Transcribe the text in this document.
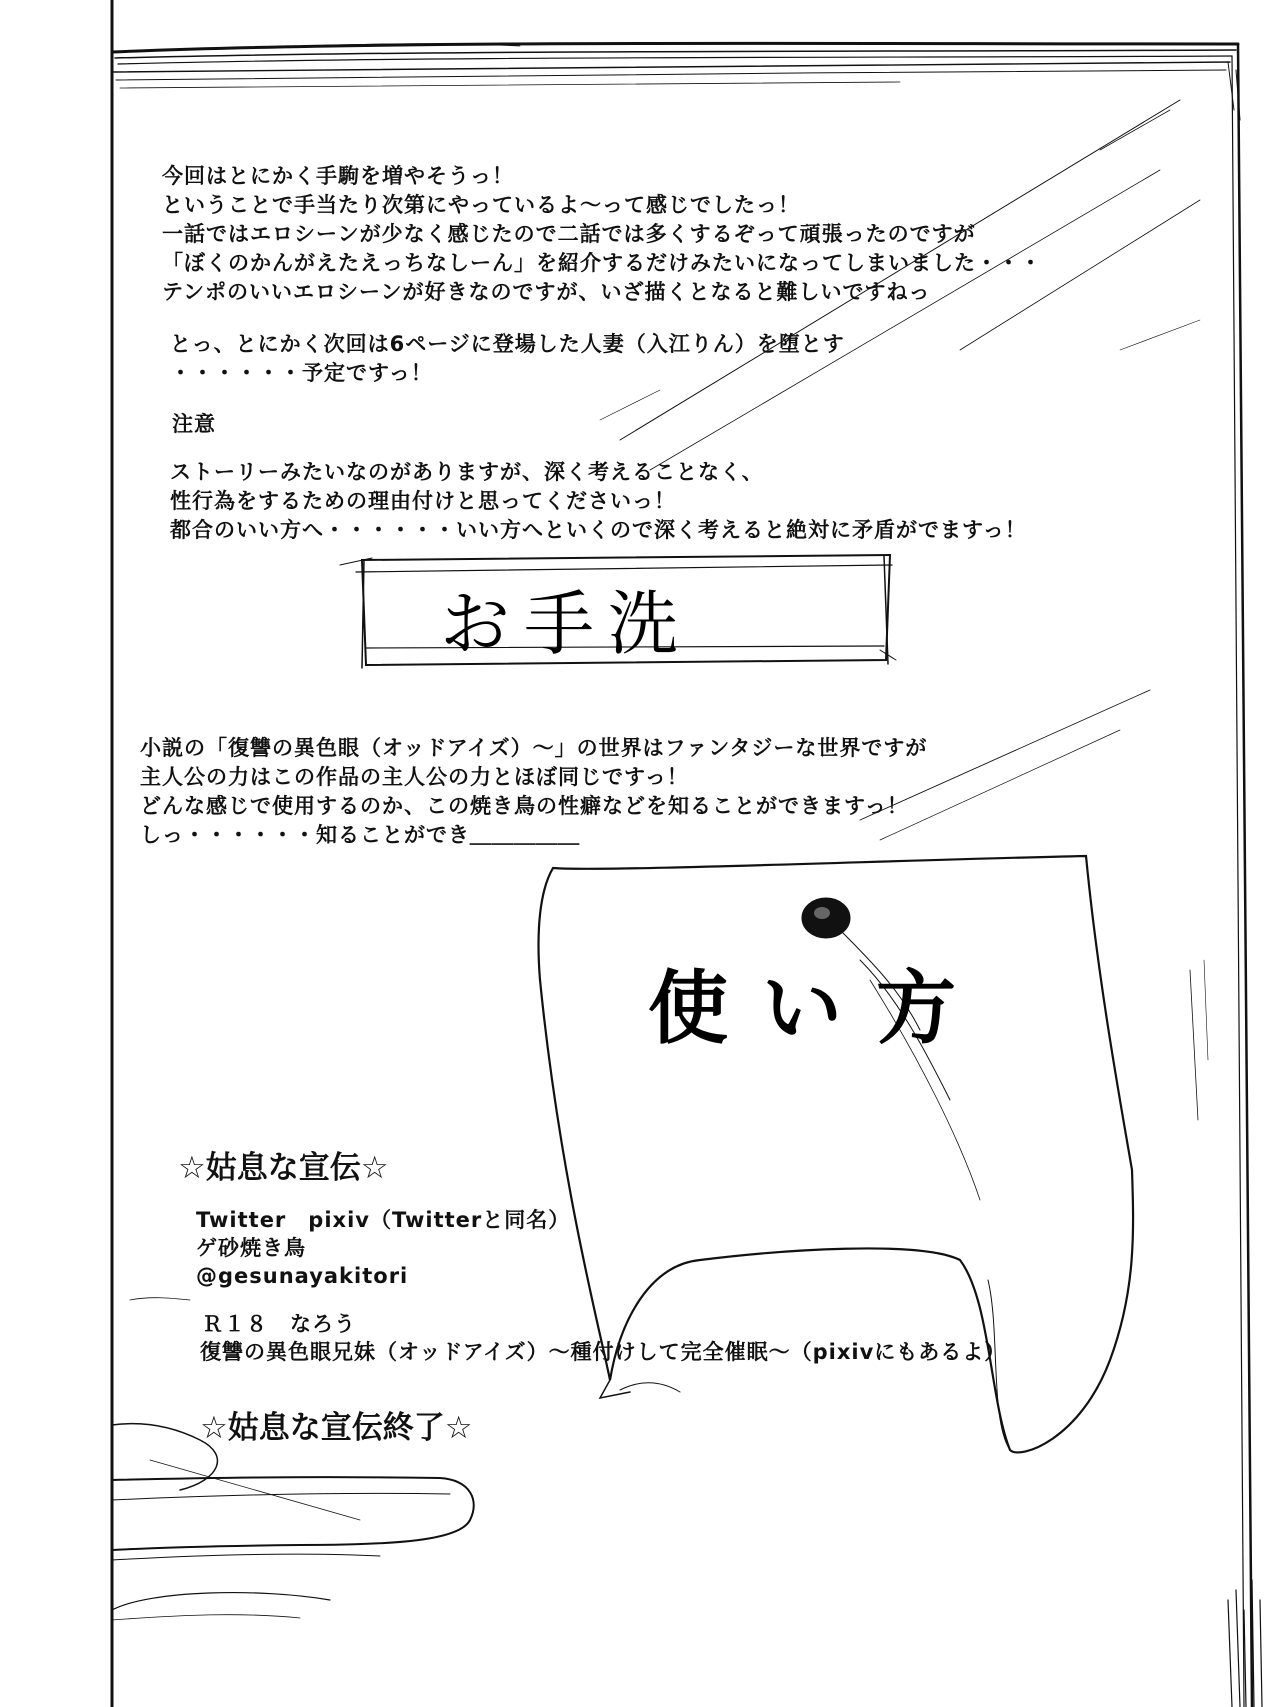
今回はとにかく手駒を増やそうっ！
ということで手当たり次第にやっているよ～って感じでしたっ！
一話ではエロシーンが少なく感じたので二話では多くするぞって頑張ったのですが
「ぼくのかんがえたえっちなしーん」を紹介するだけみたいになってしまいました・・・
テンポのいいエロシーンが好きなのですが、いざ描くとなると難しいですねっ
とっ、とにかく次回は6ページに登場した人妻（入江りん）を堕とす
・・・・・・予定ですっ！
注意
ストーリーみたいなのがありますが、深く考えることなく、
性行為をするための理由付けと思ってくださいっ！
都合のいい方へ・・・・・・いい方へといくので深く考えると絶対に矛盾がでますっ！
お手洗
小説の「復讐の異色眼（オッドアイズ）～」の世界はファンタジーな世界ですが
主人公の力はこの作品の主人公の力とほぼ同じですっ！
どんな感じで使用するのか、この焼き鳥の性癖などを知ることができますっ！
しっ・・・・・・知ることができ＿＿＿＿＿
使い方
☆姑息な宣伝☆
Twitter　pixiv（Twitterと同名）
ゲ砂焼き鳥
@gesunayakitori
Ｒ１８　なろう
復讐の異色眼兄妹（オッドアイズ）～種付けして完全催眠～（pixivにもあるよ）
☆姑息な宣伝終了☆
